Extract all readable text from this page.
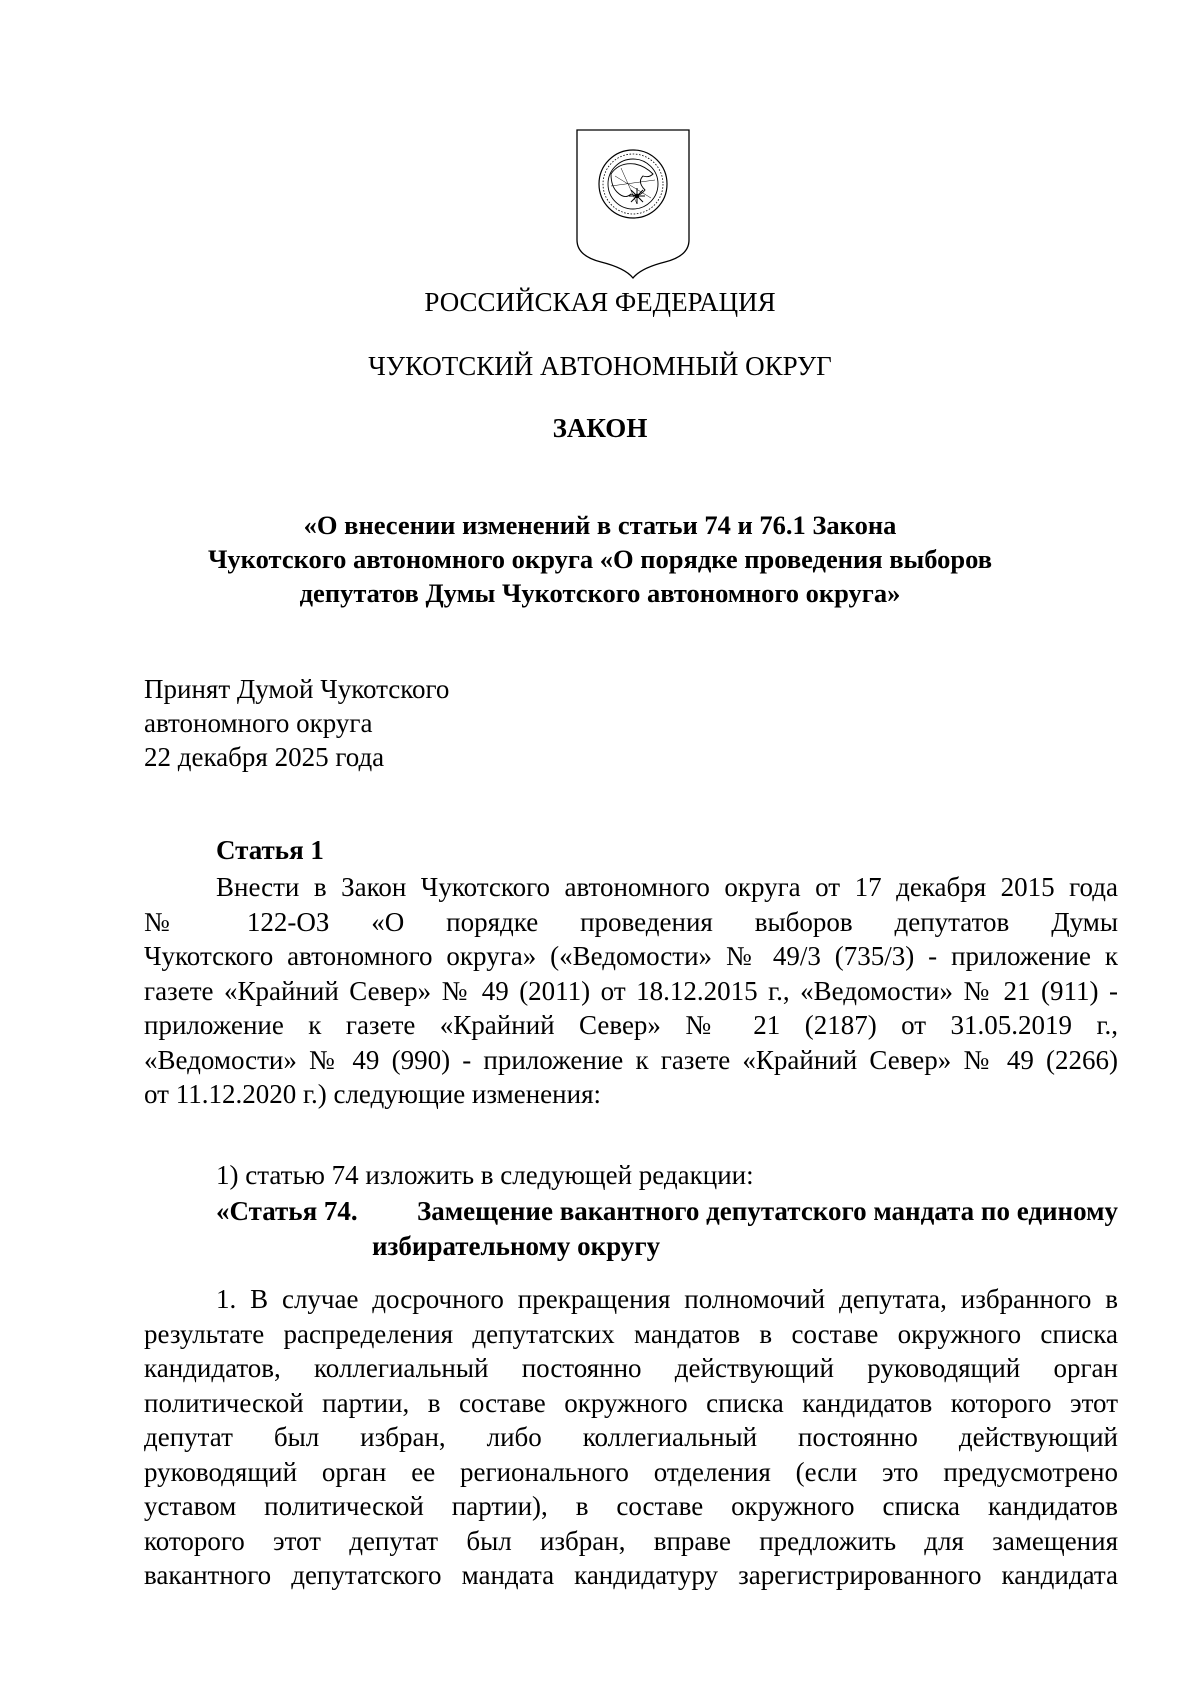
РОССИЙСКАЯ ФЕДЕРАЦИЯ
ЧУКОТСКИЙ АВТОНОМНЫЙ ОКРУГ
ЗАКОН
«О внесении изменений в статьи 74 и 76.1 Закона
Чукотского автономного округа «О порядке проведения выборов
депутатов Думы Чукотского автономного округа»
Принят Думой Чукотского
автономного округа
22 декабря 2025 года
Статья 1
Внести в Закон Чукотского автономного округа от 17 декабря 2015 года
№ 122-ОЗ «О порядке проведения выборов депутатов Думы
Чукотского автономного округа» («Ведомости» № 49/3 (735/3) - приложение к
газете «Крайний Север» № 49 (2011) от 18.12.2015 г., «Ведомости» № 21 (911) -
приложение к газете «Крайний Север» № 21 (2187) от 31.05.2019 г.,
«Ведомости» № 49 (990) - приложение к газете «Крайний Север» № 49 (2266)
от 11.12.2020 г.) следующие изменения:
1) статью 74 изложить в следующей редакции:
«Статья 74. Замещение вакантного депутатского мандата по единому
избирательному округу
1. В случае досрочного прекращения полномочий депутата, избранного в
результате распределения депутатских мандатов в составе окружного списка
кандидатов, коллегиальный постоянно действующий руководящий орган
политической партии, в составе окружного списка кандидатов которого этот
депутат был избран, либо коллегиальный постоянно действующий
руководящий орган ее регионального отделения (если это предусмотрено
уставом политической партии), в составе окружного списка кандидатов
которого этот депутат был избран, вправе предложить для замещения
вакантного депутатского мандата кандидатуру зарегистрированного кандидата
